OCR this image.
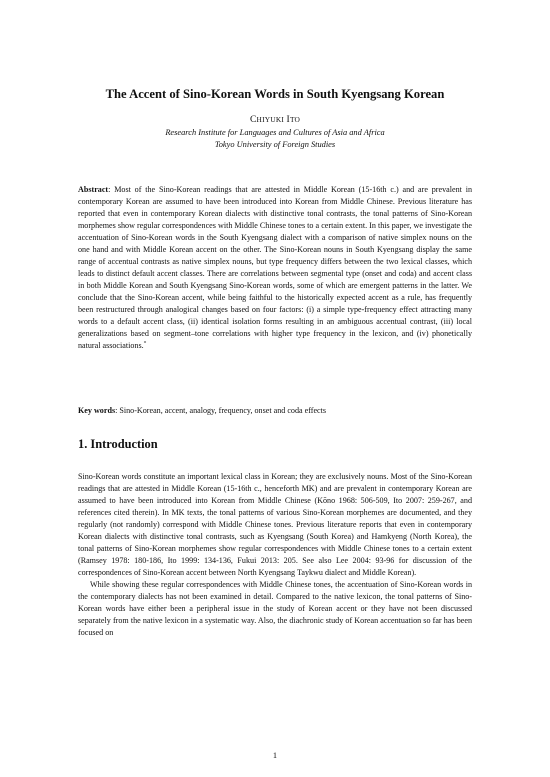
The Accent of Sino-Korean Words in South Kyengsang Korean
CHIYUKI ITO
Research Institute for Languages and Cultures of Asia and Africa
Tokyo University of Foreign Studies
Abstract: Most of the Sino-Korean readings that are attested in Middle Korean (15-16th c.) and are prevalent in contemporary Korean are assumed to have been introduced into Korean from Middle Chinese. Previous literature has reported that even in contemporary Korean dialects with distinctive tonal contrasts, the tonal patterns of Sino-Korean morphemes show regular correspondences with Middle Chinese tones to a certain extent. In this paper, we investigate the accentuation of Sino-Korean words in the South Kyengsang dialect with a comparison of native simplex nouns on the one hand and with Middle Korean accent on the other. The Sino-Korean nouns in South Kyengsang display the same range of accentual contrasts as native simplex nouns, but type frequency differs between the two lexical classes, which leads to distinct default accent classes. There are correlations between segmental type (onset and coda) and accent class in both Middle Korean and South Kyengsang Sino-Korean words, some of which are emergent patterns in the latter. We conclude that the Sino-Korean accent, while being faithful to the historically expected accent as a rule, has frequently been restructured through analogical changes based on four factors: (i) a simple type-frequency effect attracting many words to a default accent class, (ii) identical isolation forms resulting in an ambiguous accentual contrast, (iii) local generalizations based on segment–tone correlations with higher type frequency in the lexicon, and (iv) phonetically natural associations.*
Key words: Sino-Korean, accent, analogy, frequency, onset and coda effects
1. Introduction

Sino-Korean words constitute an important lexical class in Korean; they are exclusively nouns. Most of the Sino-Korean readings that are attested in Middle Korean (15-16th c., henceforth MK) and are prevalent in contemporary Korean are assumed to have been introduced into Korean from Middle Chinese (Kōno 1968: 506-509, Ito 2007: 259-267, and references cited therein). In MK texts, the tonal patterns of various Sino-Korean morphemes are documented, and they regularly (not randomly) correspond with Middle Chinese tones. Previous literature reports that even in contemporary Korean dialects with distinctive tonal contrasts, such as Kyengsang (South Korea) and Hamkyeng (North Korea), the tonal patterns of Sino-Korean morphemes show regular correspondences with Middle Chinese tones to a certain extent (Ramsey 1978: 180-186, Ito 1999: 134-136, Fukui 2013: 205. See also Lee 2004: 93-96 for discussion of the correspondences of Sino-Korean accent between North Kyengsang Taykwu dialect and Middle Korean).

While showing these regular correspondences with Middle Chinese tones, the accentuation of Sino-Korean words in the contemporary dialects has not been examined in detail. Compared to the native lexicon, the tonal patterns of Sino-Korean words have either been a peripheral issue in the study of Korean accent or they have not been discussed separately from the native lexicon in a systematic way. Also, the diachronic study of Korean accentuation so far has been focused on

1
